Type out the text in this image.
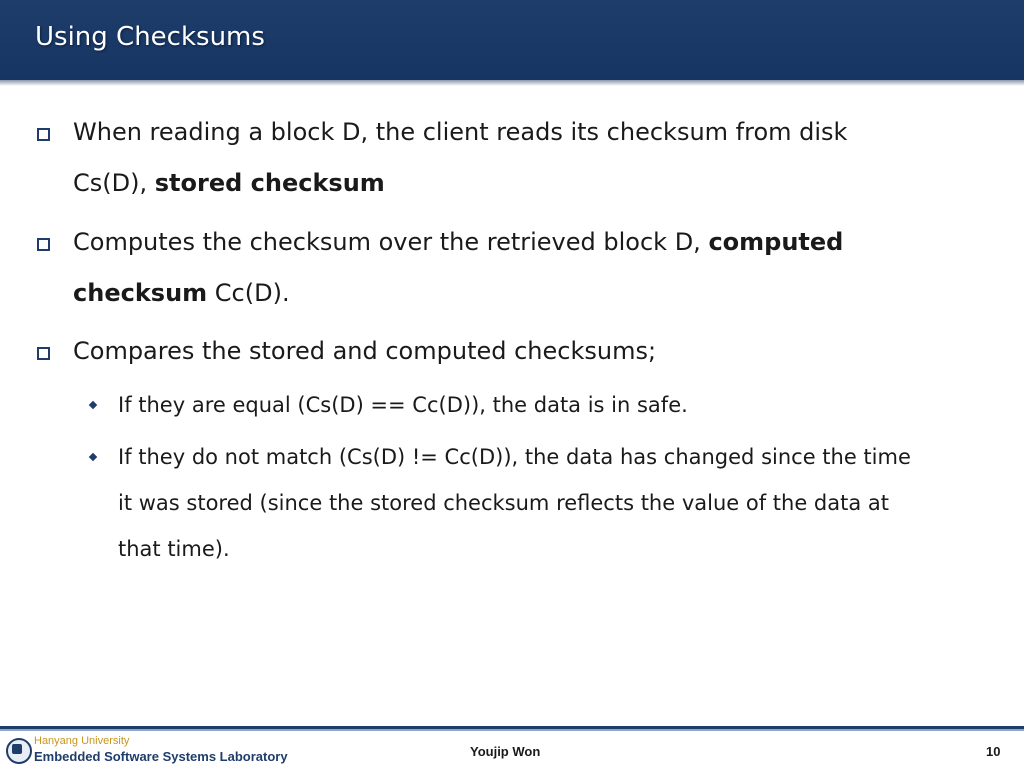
Using Checksums
When reading a block D, the client reads its checksum from disk
Cs(D), stored checksum
Computes the checksum over the retrieved block D, computed
checksum Cc(D).
Compares the stored and computed checksums;
If they are equal (Cs(D) == Cc(D)), the data is in safe.
If they do not match (Cs(D) != Cc(D)), the data has changed since the time
it was stored (since the stored checksum reflects the value of the data at
that time).
Hanyang University
Embedded Software Systems Laboratory	Youjip Won	10
